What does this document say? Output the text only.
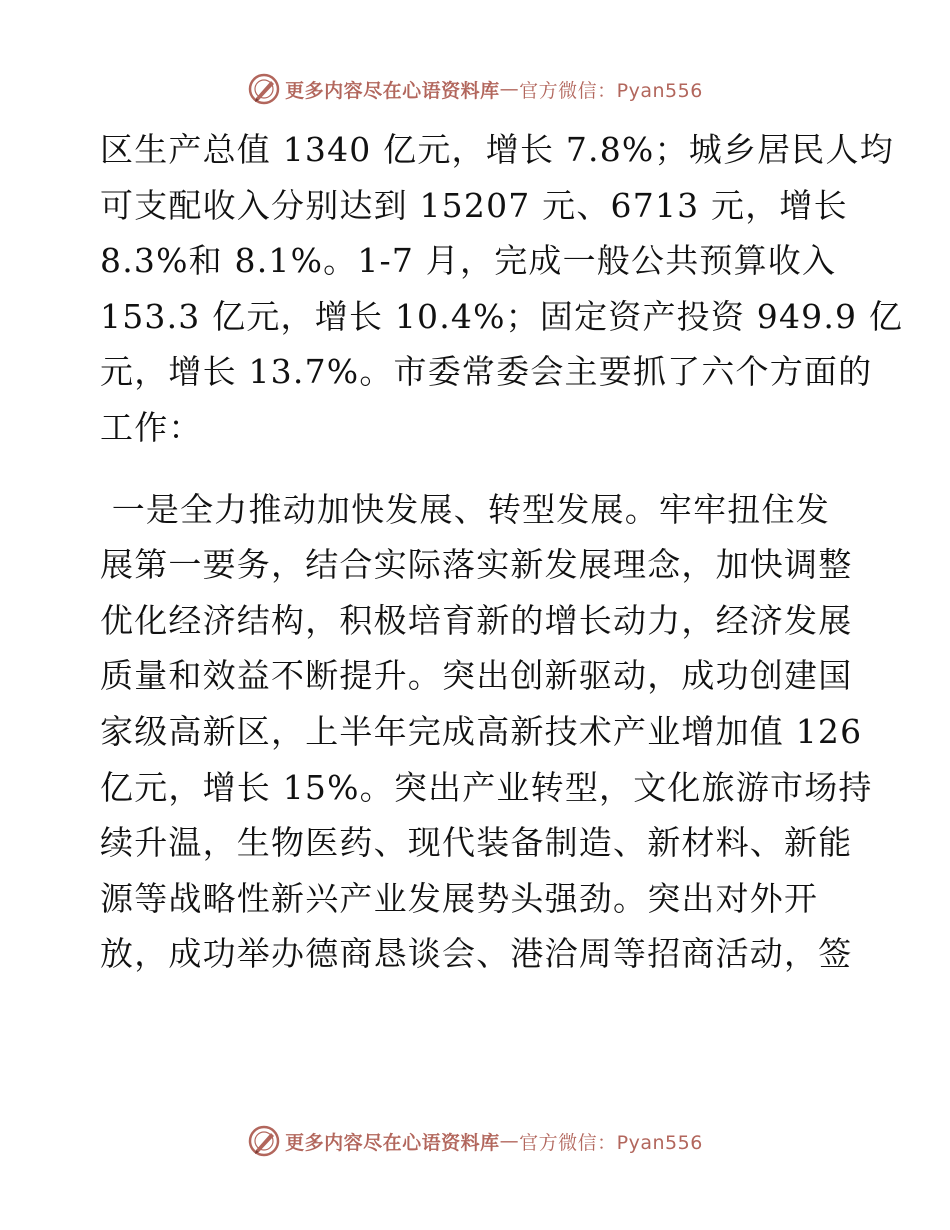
更多内容尽在心语资料库 — 官方微信：Pyan556
区生产总值 1340 亿元，增长 7.8%；城乡居民人均
可支配收入分别达到 15207 元、6713 元，增长
8.3%和 8.1%。1-7 月，完成一般公共预算收入
153.3 亿元，增长 10.4%；固定资产投资 949.9 亿
元，增长 13.7%。市委常委会主要抓了六个方面的
工作：
一是全力推动加快发展、转型发展。牢牢扭住发
展第一要务，结合实际落实新发展理念，加快调整
优化经济结构，积极培育新的增长动力，经济发展
质量和效益不断提升。突出创新驱动，成功创建国
家级高新区，上半年完成高新技术产业增加值 126
亿元，增长 15%。突出产业转型，文化旅游市场持
续升温，生物医药、现代装备制造、新材料、新能
源等战略性新兴产业发展势头强劲。突出对外开
放，成功举办德商恳谈会、港洽周等招商活动，签
更多内容尽在心语资料库 — 官方微信：Pyan556
